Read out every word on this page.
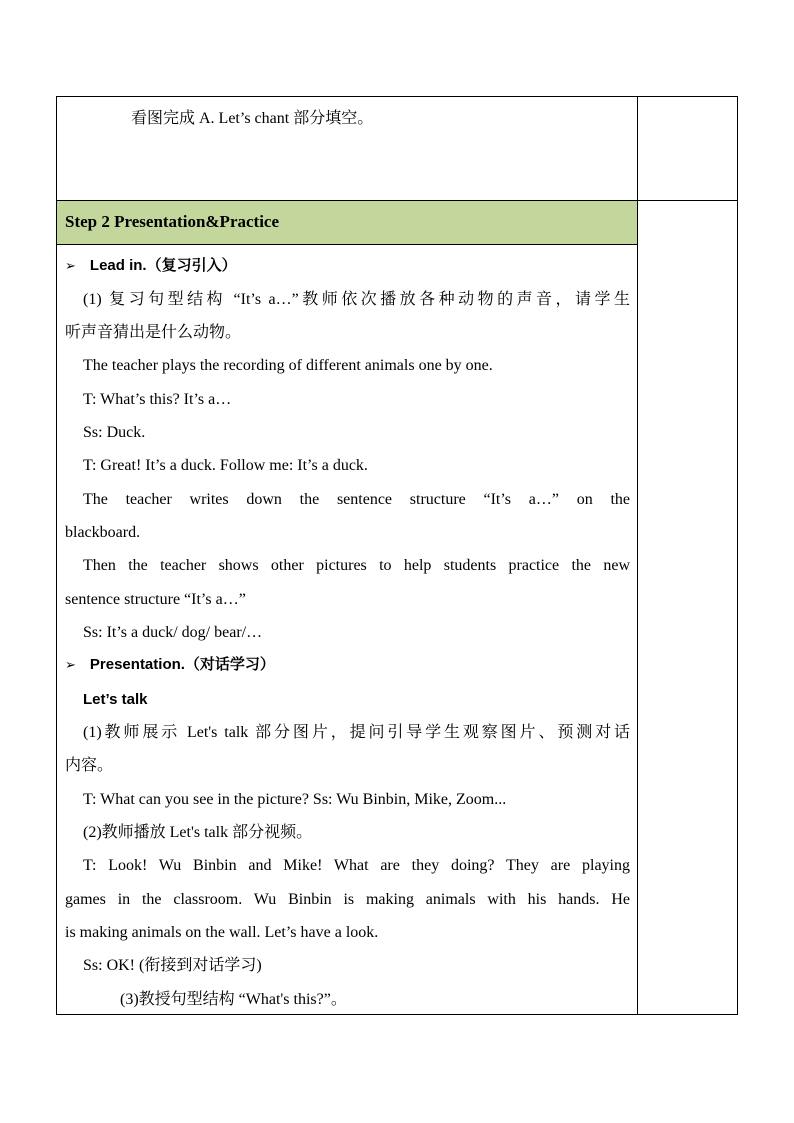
看图完成 A. Let’s chant 部分填空。
Step 2 Presentation&Practice
➢ Lead in.（复习引入）
(1) 复习句型结构 “It’s a…”教师依次播放各种动物的声音，请学生
听声音猜出是什么动物。
The teacher plays the recording of different animals one by one.
T: What’s this? It’s a…
Ss: Duck.
T: Great! It’s a duck. Follow me: It’s a duck.
The teacher writes down the sentence structure “It’s a…” on the
blackboard.
Then the teacher shows other pictures to help students practice the new
sentence structure “It’s a…”
Ss: It’s a duck/ dog/ bear/…
➢ Presentation.（对话学习）
Let’s talk
(1)教师展示 Let's talk 部分图片，提问引导学生观察图片、预测对话
内容。
T: What can you see in the picture? Ss: Wu Binbin, Mike, Zoom...
(2)教师播放 Let's talk 部分视频。
T: Look! Wu Binbin and Mike! What are they doing? They are playing
games in the classroom. Wu Binbin is making animals with his hands. He
is making animals on the wall. Let’s have a look.
Ss: OK! (衔接到对话学习)
(3)教授句型结构 “What's this?”。
